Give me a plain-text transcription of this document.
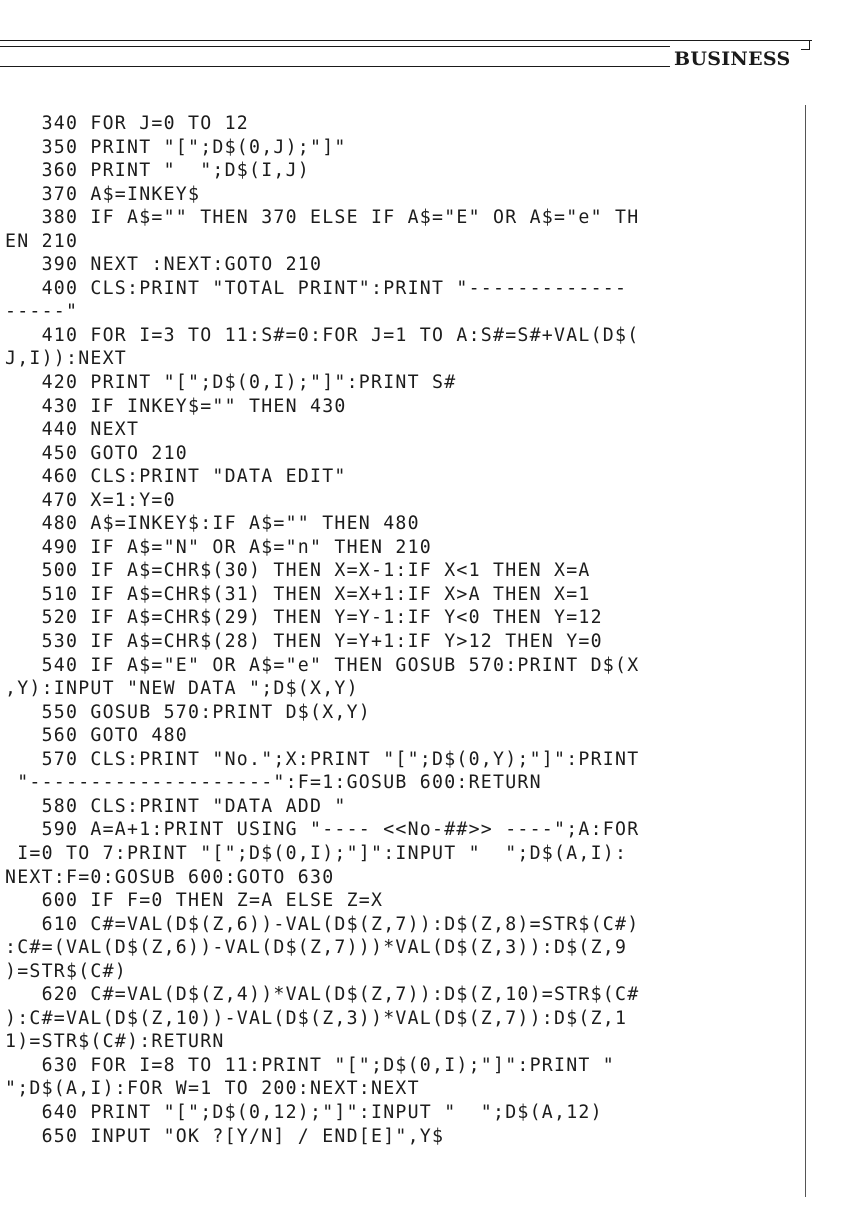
BUSINESS
340 FOR J=0 TO 12
350 PRINT "[";D$(0,J);"]"
360 PRINT "  ";D$(I,J)
370 A$=INKEY$
380 IF A$="" THEN 370 ELSE IF A$="E" OR A$="e" TH
EN 210
390 NEXT :NEXT:GOTO 210
400 CLS:PRINT "TOTAL PRINT":PRINT "-------------
-----"
410 FOR I=3 TO 11:S#=0:FOR J=1 TO A:S#=S#+VAL(D$(
J,I)):NEXT
420 PRINT "[";D$(0,I);"]":PRINT S#
430 IF INKEY$="" THEN 430
440 NEXT
450 GOTO 210
460 CLS:PRINT "DATA EDIT"
470 X=1:Y=0
480 A$=INKEY$:IF A$="" THEN 480
490 IF A$="N" OR A$="n" THEN 210
500 IF A$=CHR$(30) THEN X=X-1:IF X<1 THEN X=A
510 IF A$=CHR$(31) THEN X=X+1:IF X>A THEN X=1
520 IF A$=CHR$(29) THEN Y=Y-1:IF Y<0 THEN Y=12
530 IF A$=CHR$(28) THEN Y=Y+1:IF Y>12 THEN Y=0
540 IF A$="E" OR A$="e" THEN GOSUB 570:PRINT D$(X
,Y):INPUT "NEW DATA ";D$(X,Y)
550 GOSUB 570:PRINT D$(X,Y)
560 GOTO 480
570 CLS:PRINT "No.";X:PRINT "[";D$(0,Y);"]":PRINT
"--------------------":F=1:GOSUB 600:RETURN
580 CLS:PRINT "DATA ADD "
590 A=A+1:PRINT USING "---- <<No-##>> ----";A:FOR
I=0 TO 7:PRINT "[";D$(0,I);"]":INPUT "  ";D$(A,I):
NEXT:F=0:GOSUB 600:GOTO 630
600 IF F=0 THEN Z=A ELSE Z=X
610 C#=VAL(D$(Z,6))-VAL(D$(Z,7)):D$(Z,8)=STR$(C#)
:C#=(VAL(D$(Z,6))-VAL(D$(Z,7)))*VAL(D$(Z,3)):D$(Z,9
)=STR$(C#)
620 C#=VAL(D$(Z,4))*VAL(D$(Z,7)):D$(Z,10)=STR$(C#
):C#=VAL(D$(Z,10))-VAL(D$(Z,3))*VAL(D$(Z,7)):D$(Z,1
1)=STR$(C#):RETURN
630 FOR I=8 TO 11:PRINT "[";D$(0,I);"]":PRINT "
";D$(A,I):FOR W=1 TO 200:NEXT:NEXT
640 PRINT "[";D$(0,12);"]":INPUT "  ";D$(A,12)
650 INPUT "OK ?[Y/N] / END[E]",Y$
